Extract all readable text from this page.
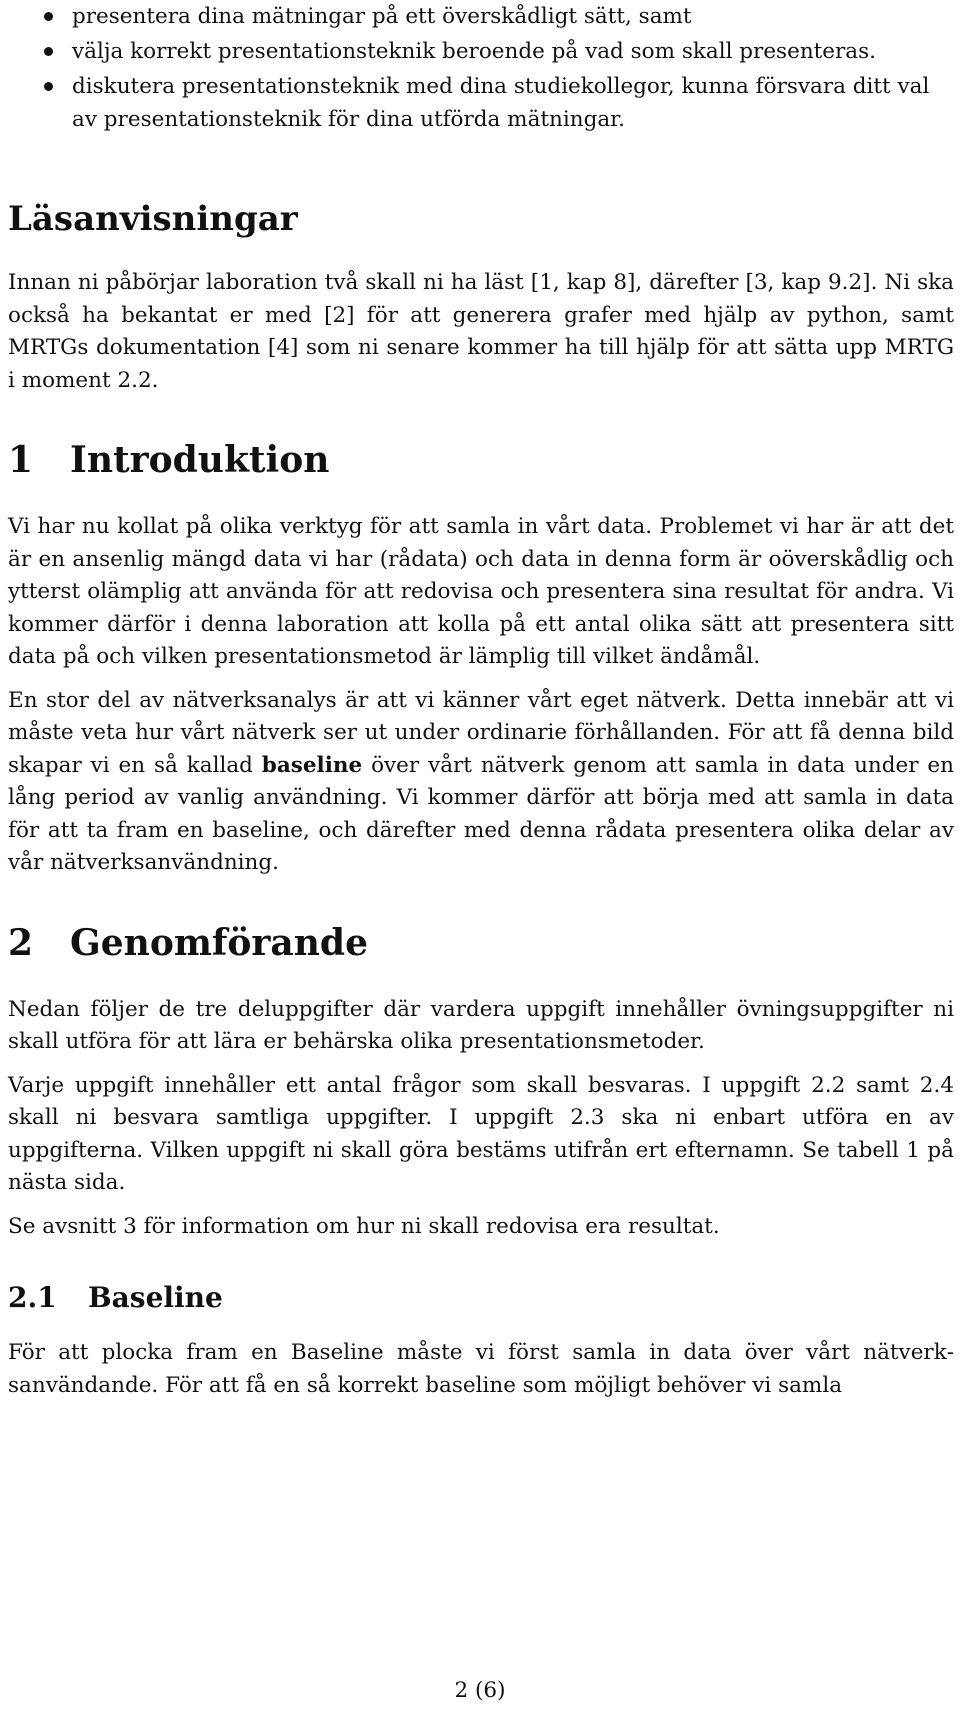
presentera dina mätningar på ett överskådligt sätt, samt
välja korrekt presentationsteknik beroende på vad som skall presenteras.
diskutera presentationsteknik med dina studiekollegor, kunna försvara ditt val av presentationsteknik för dina utförda mätningar.
Läsanvisningar

Innan ni påbörjar laboration två skall ni ha läst [1, kap 8], därefter [3, kap 9.2]. Ni ska också ha bekantat er med [2] för att generera grafer med hjälp av python, samt MRTGs dokumentation [4] som ni senare kommer ha till hjälp för att sätta upp MRTG i moment 2.2.

1 Introduktion

Vi har nu kollat på olika verktyg för att samla in vårt data. Problemet vi har är att det är en ansenlig mängd data vi har (rådata) och data in denna form är oöverskådlig och ytterst olämplig att använda för att redovisa och presentera sina resultat för andra. Vi kommer därför i denna laboration att kolla på ett antal olika sätt att presentera sitt data på och vilken presentationsmetod är lämplig till vilket ändåmål.

En stor del av nätverksanalys är att vi känner vårt eget nätverk. Detta innebär att vi måste veta hur vårt nätverk ser ut under ordinarie förhållanden. För att få denna bild skapar vi en så kallad baseline över vårt nätverk genom att samla in data under en lång period av vanlig användning. Vi kommer därför att börja med att samla in data för att ta fram en baseline, och därefter med denna rådata presentera olika delar av vår nätverksanvändning.

2 Genomförande

Nedan följer de tre deluppgifter där vardera uppgift innehåller övningsuppgifter ni skall utföra för att lära er behärska olika presentationsmetoder.

Varje uppgift innehåller ett antal frågor som skall besvaras. I uppgift 2.2 samt 2.4 skall ni besvara samtliga uppgifter. I uppgift 2.3 ska ni enbart utföra en av uppgifterna. Vilken uppgift ni skall göra bestäms utifrån ert efternamn. Se tabell 1 på nästa sida.

Se avsnitt 3 för information om hur ni skall redovisa era resultat.

2.1 Baseline

För att plocka fram en Baseline måste vi först samla in data över vårt nätverksanvändande. För att få en så korrekt baseline som möjligt behöver vi samla

2 (6)
